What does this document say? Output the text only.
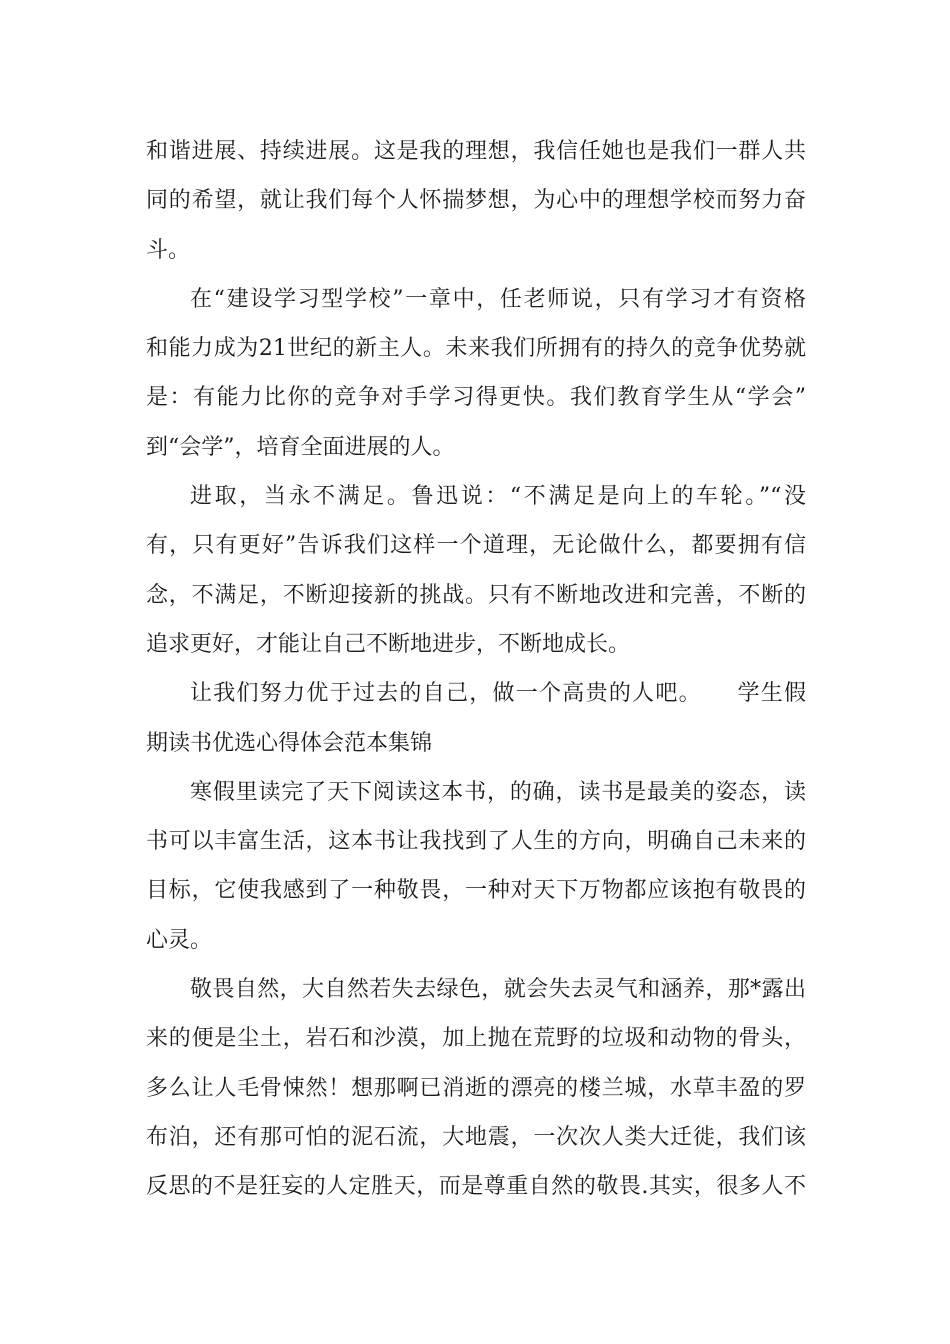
和谐进展、持续进展。这是我的理想，我信任她也是我们一群人共
同的希望，就让我们每个人怀揣梦想，为心中的理想学校而努力奋
斗。
在“建设学习型学校”一章中，任老师说，只有学习才有资格
和能力成为21世纪的新主人。未来我们所拥有的持久的竞争优势就
是：有能力比你的竞争对手学习得更快。我们教育学生从“学会”
到“会学”，培育全面进展的人。
进取，当永不满足。鲁迅说：“不满足是向上的车轮。”“没
有，只有更好”告诉我们这样一个道理，无论做什么，都要拥有信
念，不满足，不断迎接新的挑战。只有不断地改进和完善，不断的
追求更好，才能让自己不断地进步，不断地成长。
让我们努力优于过去的自己，做一个高贵的人吧。　　学生假
期读书优选心得体会范本集锦
寒假里读完了天下阅读这本书，的确，读书是最美的姿态，读
书可以丰富生活，这本书让我找到了人生的方向，明确自己未来的
目标，它使我感到了一种敬畏，一种对天下万物都应该抱有敬畏的
心灵。
敬畏自然，大自然若失去绿色，就会失去灵气和涵养，那*露出
来的便是尘土，岩石和沙漠，加上抛在荒野的垃圾和动物的骨头，
多么让人毛骨悚然！想那啊已消逝的漂亮的楼兰城，水草丰盈的罗
布泊，还有那可怕的泥石流，大地震，一次次人类大迁徙，我们该
反思的不是狂妄的人定胜天，而是尊重自然的敬畏.其实，很多人不
